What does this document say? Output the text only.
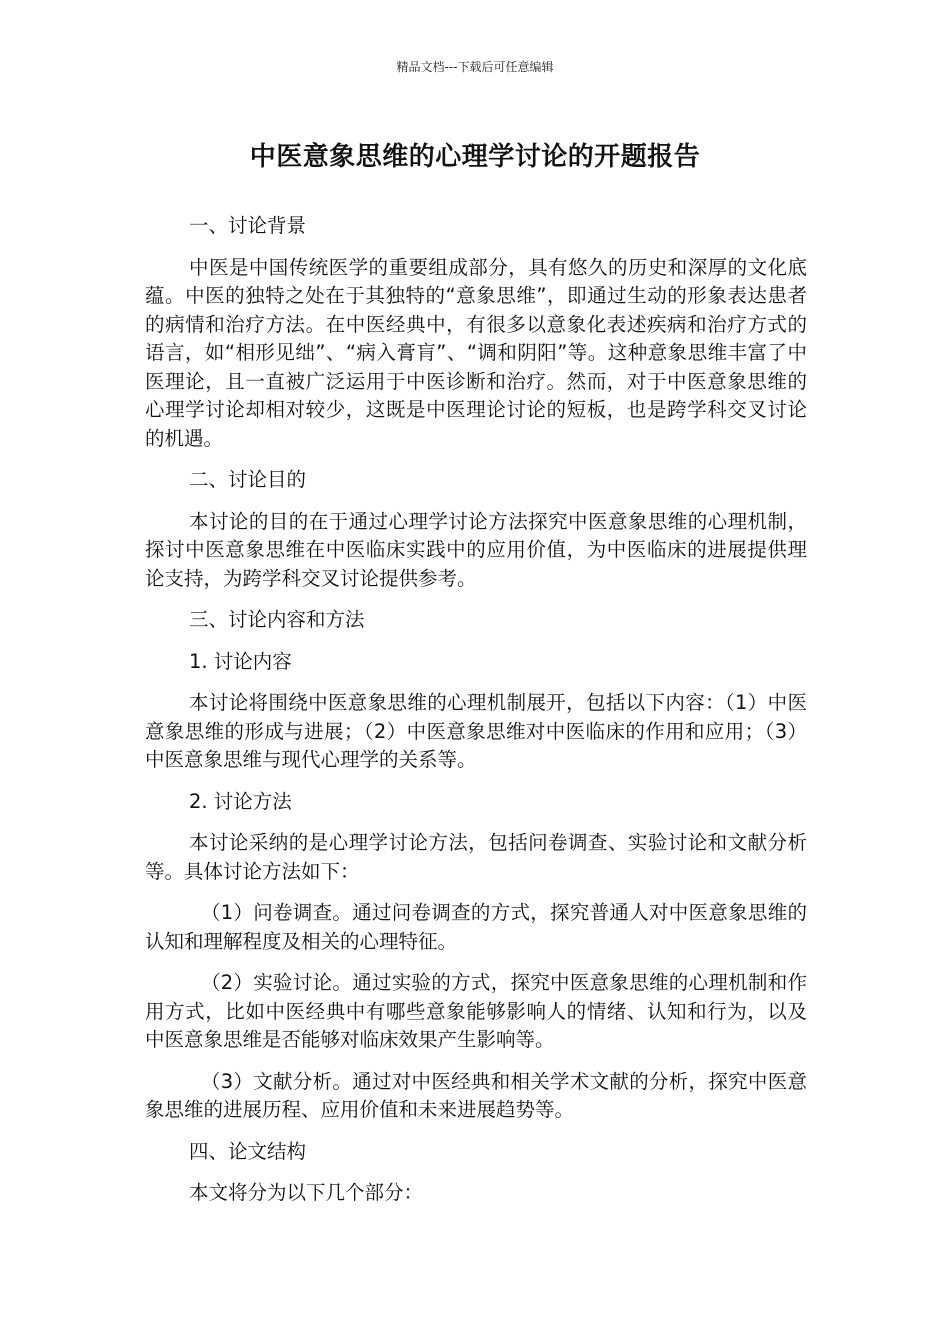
精品文档---下载后可任意编辑
中医意象思维的心理学讨论的开题报告

一、讨论背景

中医是中国传统医学的重要组成部分，具有悠久的历史和深厚的文化底蕴。中医的独特之处在于其独特的“意象思维”，即通过生动的形象表达患者的病情和治疗方法。在中医经典中，有很多以意象化表述疾病和治疗方式的语言，如“相形见绌”、“病入膏肓”、“调和阴阳”等。这种意象思维丰富了中医理论，且一直被广泛运用于中医诊断和治疗。然而，对于中医意象思维的心理学讨论却相对较少，这既是中医理论讨论的短板，也是跨学科交叉讨论的机遇。

二、讨论目的

本讨论的目的在于通过心理学讨论方法探究中医意象思维的心理机制，探讨中医意象思维在中医临床实践中的应用价值，为中医临床的进展提供理论支持，为跨学科交叉讨论提供参考。

三、讨论内容和方法

1. 讨论内容

本讨论将围绕中医意象思维的心理机制展开，包括以下内容：（1）中医意象思维的形成与进展；（2）中医意象思维对中医临床的作用和应用；（3）中医意象思维与现代心理学的关系等。

2. 讨论方法

本讨论采纳的是心理学讨论方法，包括问卷调查、实验讨论和文献分析等。具体讨论方法如下：

（1）问卷调查。通过问卷调查的方式，探究普通人对中医意象思维的认知和理解程度及相关的心理特征。

（2）实验讨论。通过实验的方式，探究中医意象思维的心理机制和作用方式，比如中医经典中有哪些意象能够影响人的情绪、认知和行为，以及中医意象思维是否能够对临床效果产生影响等。

（3）文献分析。通过对中医经典和相关学术文献的分析，探究中医意象思维的进展历程、应用价值和未来进展趋势等。

四、论文结构

本文将分为以下几个部分：
